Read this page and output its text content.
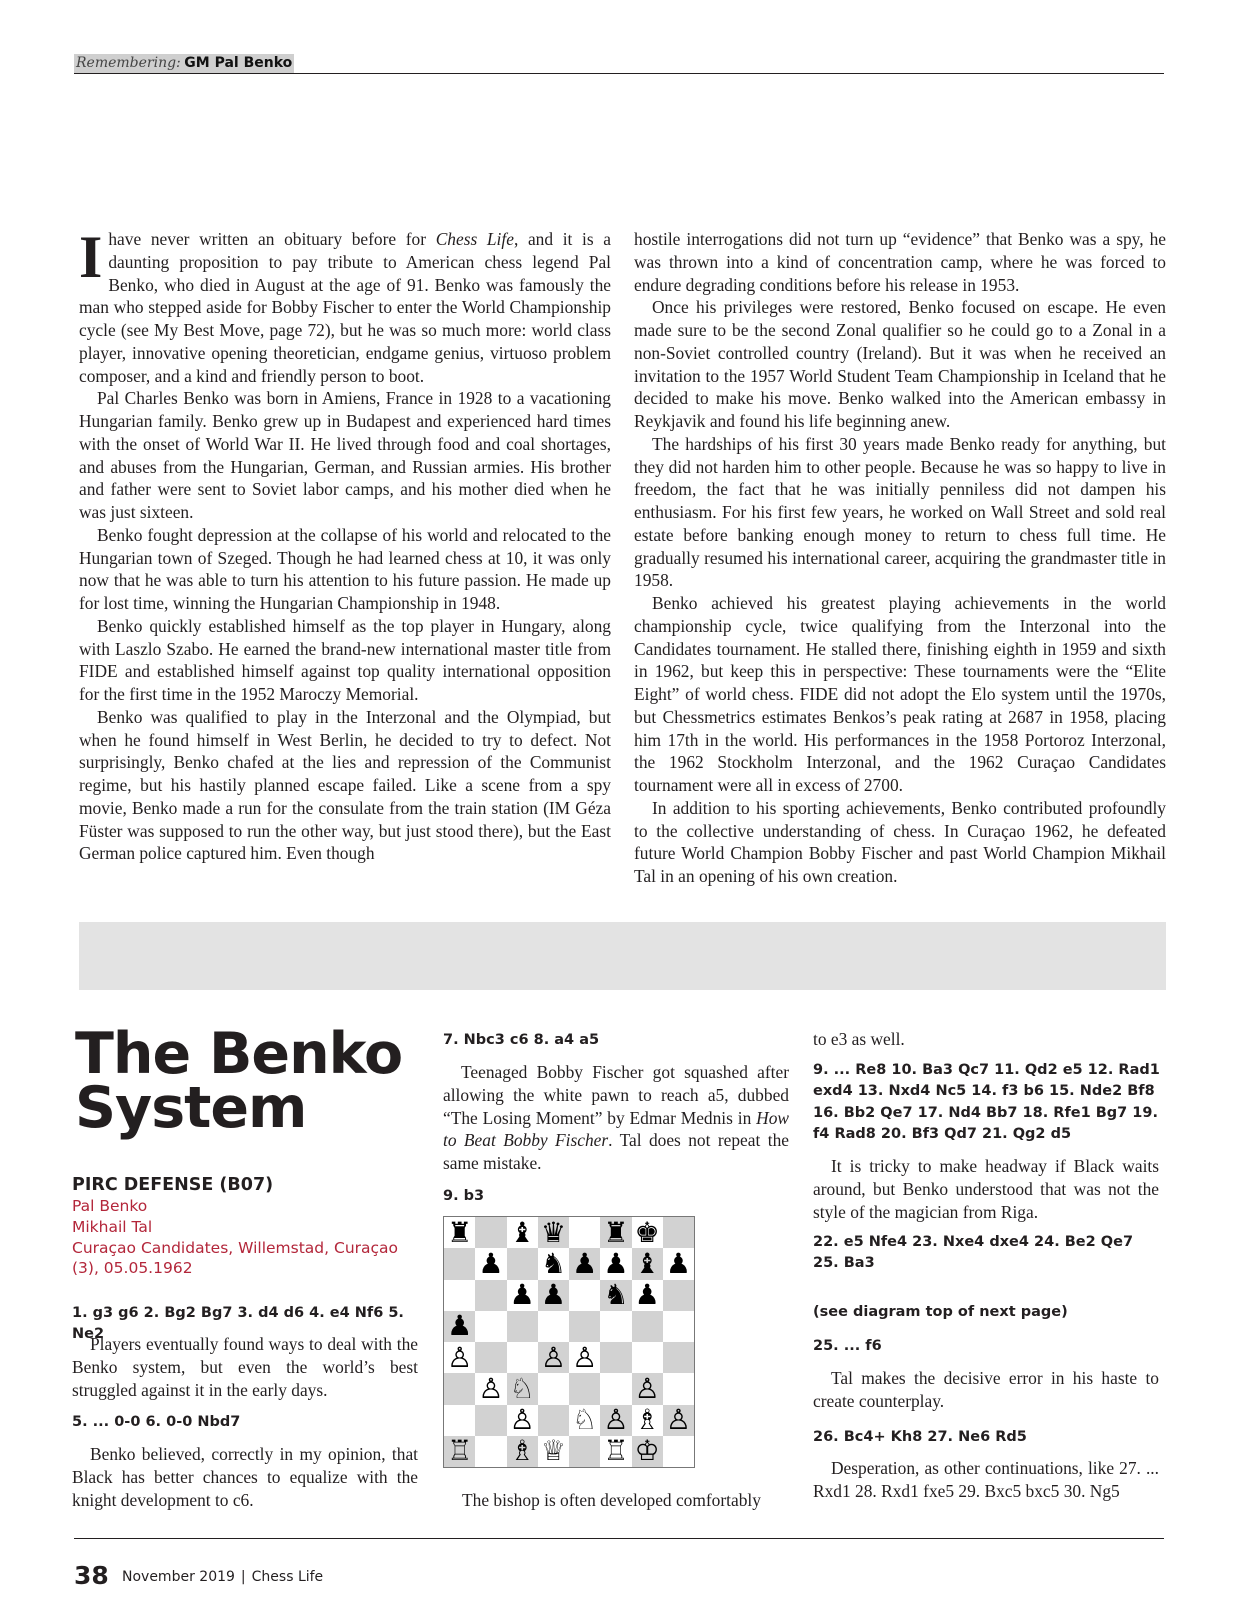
Remembering: GM Pal Benko

Ihave never written an obituary before for Chess Life, and it is a daunting proposition to pay tribute to American chess legend Pal Benko, who died in August at the age of 91. Benko was famously the man who stepped aside for Bobby Fischer to enter the World Championship cycle (see My Best Move, page 72), but he was so much more: world class player, innovative opening theoretician, endgame genius, virtuoso problem composer, and a kind and friendly person to boot.

Pal Charles Benko was born in Amiens, France in 1928 to a vacationing Hungarian family. Benko grew up in Budapest and experienced hard times with the onset of World War II. He lived through food and coal shortages, and abuses from the Hungarian, German, and Russian armies. His brother and father were sent to Soviet labor camps, and his mother died when he was just sixteen.

Benko fought depression at the collapse of his world and relocated to the Hungarian town of Szeged. Though he had learned chess at 10, it was only now that he was able to turn his attention to his future passion. He made up for lost time, winning the Hungarian Championship in 1948.

Benko quickly established himself as the top player in Hungary, along with Laszlo Szabo. He earned the brand-new international master title from FIDE and established himself against top quality international opposition for the first time in the 1952 Maroczy Memorial.

Benko was qualified to play in the Interzonal and the Olympiad, but when he found himself in West Berlin, he decided to try to defect. Not surprisingly, Benko chafed at the lies and repression of the Communist regime, but his hastily planned escape failed. Like a scene from a spy movie, Benko made a run for the consulate from the train station (IM Géza Füster was supposed to run the other way, but just stood there), but the East German police captured him. Even though

hostile interrogations did not turn up “evidence” that Benko was a spy, he was thrown into a kind of concentration camp, where he was forced to endure degrading conditions before his release in 1953.

Once his privileges were restored, Benko focused on escape. He even made sure to be the second Zonal qualifier so he could go to a Zonal in a non-Soviet controlled country (Ireland). But it was when he received an invitation to the 1957 World Student Team Championship in Iceland that he decided to make his move. Benko walked into the American embassy in Reykjavik and found his life beginning anew.

The hardships of his first 30 years made Benko ready for anything, but they did not harden him to other people. Because he was so happy to live in freedom, the fact that he was initially penniless did not dampen his enthusiasm. For his first few years, he worked on Wall Street and sold real estate before banking enough money to return to chess full time. He gradually resumed his international career, acquiring the grandmaster title in 1958.

Benko achieved his greatest playing achievements in the world championship cycle, twice qualifying from the Interzonal into the Candidates tournament. He stalled there, finishing eighth in 1959 and sixth in 1962, but keep this in perspective: These tournaments were the “Elite Eight” of world chess. FIDE did not adopt the Elo system until the 1970s, but Chessmetrics estimates Benkos’s peak rating at 2687 in 1958, placing him 17th in the world. His performances in the 1958 Portoroz Interzonal, the 1962 Stockholm Interzonal, and the 1962 Curaçao Candidates tournament were all in excess of 2700.

In addition to his sporting achievements, Benko contributed profoundly to the collective understanding of chess. In Curaçao 1962, he defeated future World Champion Bobby Fischer and past World Champion Mikhail Tal in an opening of his own creation.

The Benko
System
PIRC DEFENSE (B07)
Pal Benko
Mikhail Tal
Curaçao Candidates, Willemstad, Curaçao
(3), 05.05.1962
1. g3 g6 2. Bg2 Bg7 3. d4 d6 4. e4 Nf6 5. Ne2
Players eventually found ways to deal with the Benko system, but even the world’s best struggled against it in the early days.
5. ... 0-0 6. 0-0 Nbd7
Benko believed, correctly in my opinion, that Black has better chances to equalize with the knight development to c6.
7. Nbc3 c6 8. a4 a5
Teenaged Bobby Fischer got squashed after allowing the white pawn to reach a5, dubbed “The Losing Moment” by Edmar Mednis in How to Beat Bobby Fischer. Tal does not repeat the same mistake.
9. b3
♜ ♝ ♛ ♜ ♚
♟ ♞ ♟ ♟ ♝ ♟
♟ ♟ ♞ ♟
♟
♙ ♙ ♙
♙ ♘	♙
♙ ♘ ♙ ♗ ♙
♖ ♗ ♕ ♖ ♔
The bishop is often developed comfortably
to e3 as well.
9. ... Re8 10. Ba3 Qc7 11. Qd2 e5 12. Rad1 exd4 13. Nxd4 Nc5 14. f3 b6 15. Nde2 Bf8 16. Bb2 Qe7 17. Nd4 Bb7 18. Rfe1 Bg7 19. f4 Rad8 20. Bf3 Qd7 21. Qg2 d5
It is tricky to make headway if Black waits around, but Benko understood that was not the style of the magician from Riga.
22. e5 Nfe4 23. Nxe4 dxe4 24. Be2 Qe7 25. Ba3
(see diagram top of next page)
25. ... f6
Tal makes the decisive error in his haste to create counterplay.
26. Bc4+ Kh8 27. Ne6 Rd5
Desperation, as other continuations, like 27. ... Rxd1 28. Rxd1 fxe5 29. Bxc5 bxc5 30. Ng5
38 November 2019 | Chess Life
